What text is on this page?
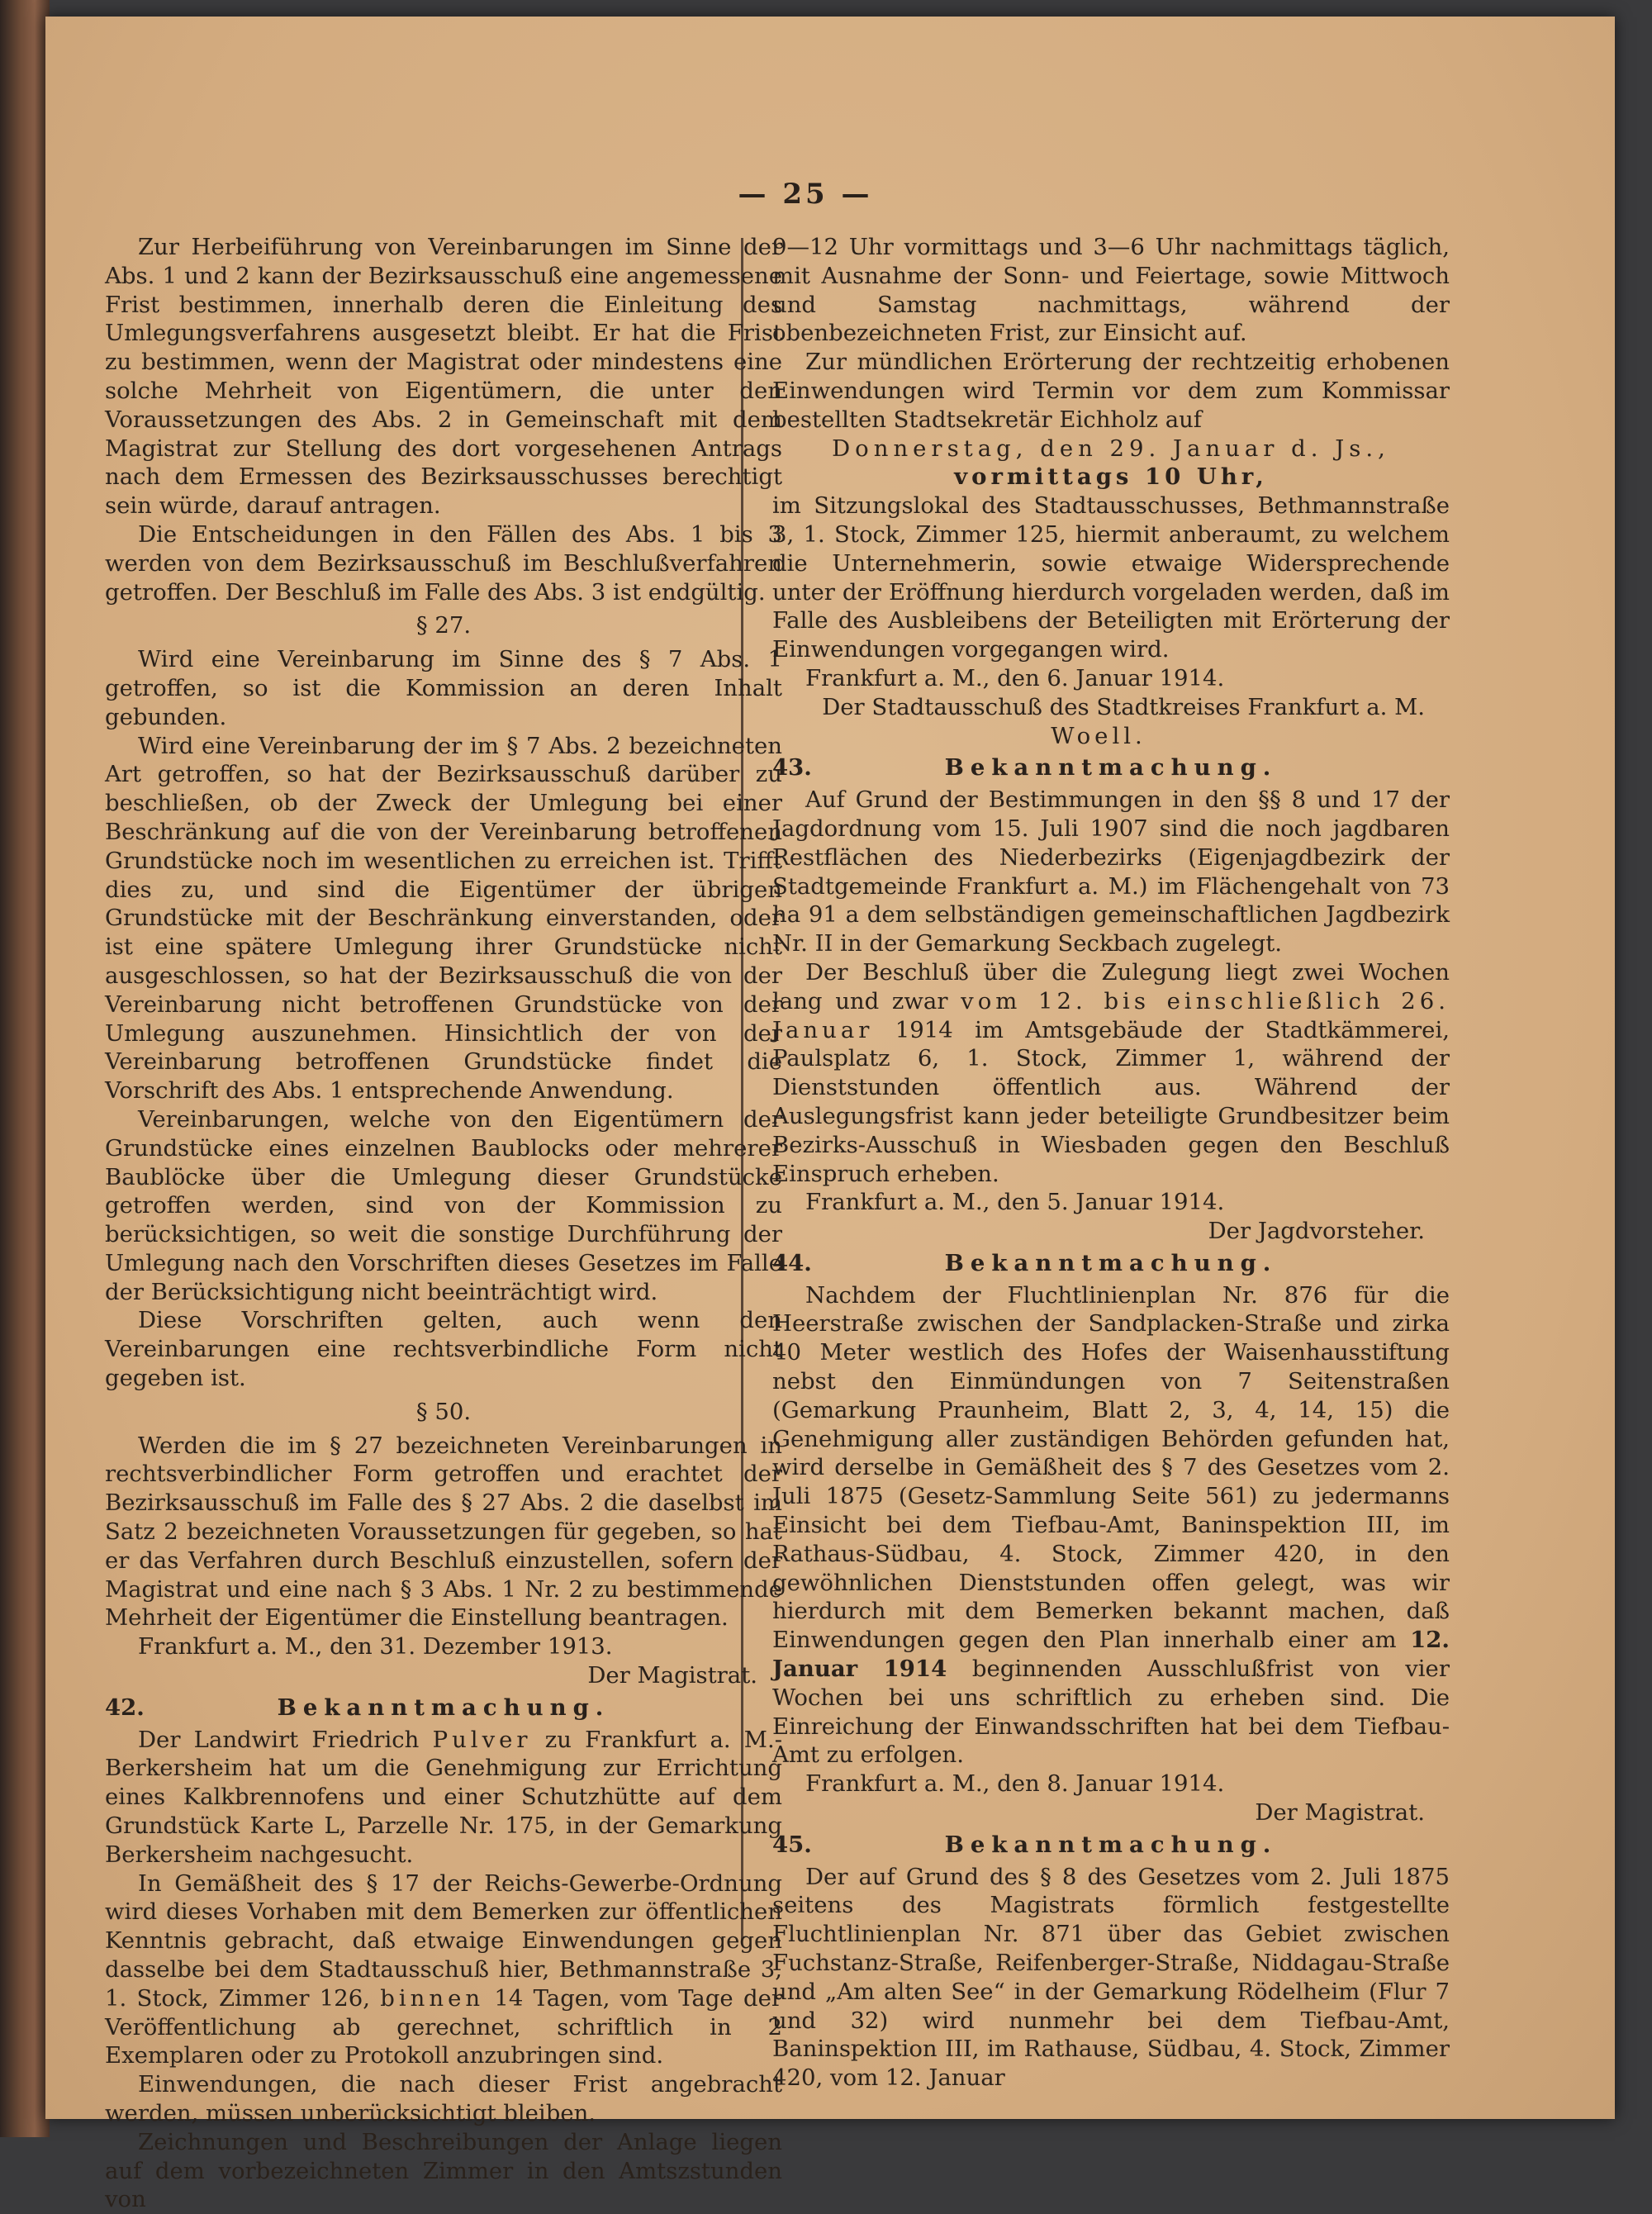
— 25 —

Zur Herbeiführung von Vereinbarungen im Sinne der Abs. 1 und 2 kann der Bezirksausschuß eine angemessene Frist bestimmen, innerhalb deren die Einleitung des Umlegungsverfahrens ausgesetzt bleibt. Er hat die Frist zu bestimmen, wenn der Magistrat oder mindestens eine solche Mehrheit von Eigentümern, die unter den Voraussetzungen des Abs. 2 in Gemeinschaft mit dem Magistrat zur Stellung des dort vorgesehenen Antrags nach dem Ermessen des Bezirksausschusses berechtigt sein würde, darauf antragen.

Die Entscheidungen in den Fällen des Abs. 1 bis 3 werden von dem Bezirksausschuß im Beschlußverfahren getroffen. Der Beschluß im Falle des Abs. 3 ist endgültig.

§ 27.

Wird eine Vereinbarung im Sinne des § 7 Abs. 1 getroffen, so ist die Kommission an deren Inhalt gebunden.

Wird eine Vereinbarung der im § 7 Abs. 2 bezeichneten Art getroffen, so hat der Bezirksausschuß darüber zu beschließen, ob der Zweck der Umlegung bei einer Beschränkung auf die von der Vereinbarung betroffenen Grundstücke noch im wesentlichen zu erreichen ist. Trifft dies zu, und sind die Eigentümer der übrigen Grundstücke mit der Beschränkung einverstanden, oder ist eine spätere Umlegung ihrer Grundstücke nicht ausgeschlossen, so hat der Bezirksausschuß die von der Vereinbarung nicht betroffenen Grundstücke von der Umlegung auszunehmen. Hinsichtlich der von der Vereinbarung betroffenen Grundstücke findet die Vorschrift des Abs. 1 entsprechende Anwendung.

Vereinbarungen, welche von den Eigentümern der Grundstücke eines einzelnen Baublocks oder mehrerer Baublöcke über die Umlegung dieser Grundstücke getroffen werden, sind von der Kommission zu berücksichtigen, so weit die sonstige Durchführung der Umlegung nach den Vorschriften dieses Gesetzes im Falle der Berücksichtigung nicht beeinträchtigt wird.

Diese Vorschriften gelten, auch wenn den Vereinbarungen eine rechtsverbindliche Form nicht gegeben ist.

§ 50.

Werden die im § 27 bezeichneten Vereinbarungen in rechtsverbindlicher Form getroffen und erachtet der Bezirksausschuß im Falle des § 27 Abs. 2 die daselbst im Satz 2 bezeichneten Voraussetzungen für gegeben, so hat er das Verfahren durch Beschluß einzustellen, sofern der Magistrat und eine nach § 3 Abs. 1 Nr. 2 zu bestimmende Mehrheit der Eigentümer die Einstellung beantragen.

Frankfurt a. M., den 31. Dezember 1913.

Der Magistrat.

42.	Bekanntmachung.

Der Landwirt Friedrich Pulver zu Frankfurt a. M.-Berkersheim hat um die Genehmigung zur Errichtung eines Kalkbrennofens und einer Schutzhütte auf dem Grundstück Karte L, Parzelle Nr. 175, in der Gemarkung Berkersheim nachgesucht.

In Gemäßheit des § 17 der Reichs-Gewerbe-Ordnung wird dieses Vorhaben mit dem Bemerken zur öffentlichen Kenntnis gebracht, daß etwaige Einwendungen gegen dasselbe bei dem Stadtausschuß hier, Bethmannstraße 3, 1. Stock, Zimmer 126, binnen 14 Tagen, vom Tage der Veröffentlichung ab gerechnet, schriftlich in 2 Exemplaren oder zu Protokoll anzubringen sind.

Einwendungen, die nach dieser Frist angebracht werden, müssen unberücksichtigt bleiben.

Zeichnungen und Beschreibungen der Anlage liegen auf dem vorbezeichneten Zimmer in den Amtszstunden von

9—12 Uhr vormittags und 3—6 Uhr nachmittags täglich, mit Ausnahme der Sonn- und Feiertage, sowie Mittwoch und Samstag nachmittags, während der obenbezeichneten Frist, zur Einsicht auf.

Zur mündlichen Erörterung der rechtzeitig erhobenen Einwendungen wird Termin vor dem zum Kommissar bestellten Stadtsekretär Eichholz auf

Donnerstag, den 29. Januar d. Js.,

vormittags 10 Uhr,

im Sitzungslokal des Stadtausschusses, Bethmannstraße 3, 1. Stock, Zimmer 125, hiermit anberaumt, zu welchem die Unternehmerin, sowie etwaige Widersprechende unter der Eröffnung hierdurch vorgeladen werden, daß im Falle des Ausbleibens der Beteiligten mit Erörterung der Einwendungen vorgegangen wird.

Frankfurt a. M., den 6. Januar 1914.

Der Stadtausschuß des Stadtkreises Frankfurt a. M.

Woell.

43.	Bekanntmachung.

Auf Grund der Bestimmungen in den §§ 8 und 17 der Jagdordnung vom 15. Juli 1907 sind die noch jagdbaren Restflächen des Niederbezirks (Eigenjagdbezirk der Stadtgemeinde Frankfurt a. M.) im Flächengehalt von 73 ha 91 a dem selbständigen gemeinschaftlichen Jagdbezirk Nr. II in der Gemarkung Seckbach zugelegt.

Der Beschluß über die Zulegung liegt zwei Wochen lang und zwar vom 12. bis einschließlich 26. Januar 1914 im Amtsgebäude der Stadtkämmerei, Paulsplatz 6, 1. Stock, Zimmer 1, während der Dienststunden öffentlich aus. Während der Auslegungsfrist kann jeder beteiligte Grundbesitzer beim Bezirks-Ausschuß in Wiesbaden gegen den Beschluß Einspruch erheben.

Frankfurt a. M., den 5. Januar 1914.

Der Jagdvorsteher.

44.	Bekanntmachung.

Nachdem der Fluchtlinienplan Nr. 876 für die Heerstraße zwischen der Sandplacken-Straße und zirka 40 Meter westlich des Hofes der Waisenhausstiftung nebst den Einmündungen von 7 Seitenstraßen (Gemarkung Praunheim, Blatt 2, 3, 4, 14, 15) die Genehmigung aller zuständigen Behörden gefunden hat, wird derselbe in Gemäßheit des § 7 des Gesetzes vom 2. Juli 1875 (Gesetz-Sammlung Seite 561) zu jedermanns Einsicht bei dem Tiefbau-Amt, Baninspektion III, im Rathaus-Südbau, 4. Stock, Zimmer 420, in den gewöhnlichen Dienststunden offen gelegt, was wir hierdurch mit dem Bemerken bekannt machen, daß Einwendungen gegen den Plan innerhalb einer am 12. Januar 1914 beginnenden Ausschlußfrist von vier Wochen bei uns schriftlich zu erheben sind. Die Einreichung der Einwandsschriften hat bei dem Tiefbau-Amt zu erfolgen.

Frankfurt a. M., den 8. Januar 1914.

Der Magistrat.

45.	Bekanntmachung.

Der auf Grund des § 8 des Gesetzes vom 2. Juli 1875 seitens des Magistrats förmlich festgestellte Fluchtlinienplan Nr. 871 über das Gebiet zwischen Fuchstanz-Straße, Reifenberger-Straße, Niddagau-Straße und „Am alten See“ in der Gemarkung Rödelheim (Flur 7 und 32) wird nunmehr bei dem Tiefbau-Amt, Baninspektion III, im Rathause, Südbau, 4. Stock, Zimmer 420, vom 12. Januar
